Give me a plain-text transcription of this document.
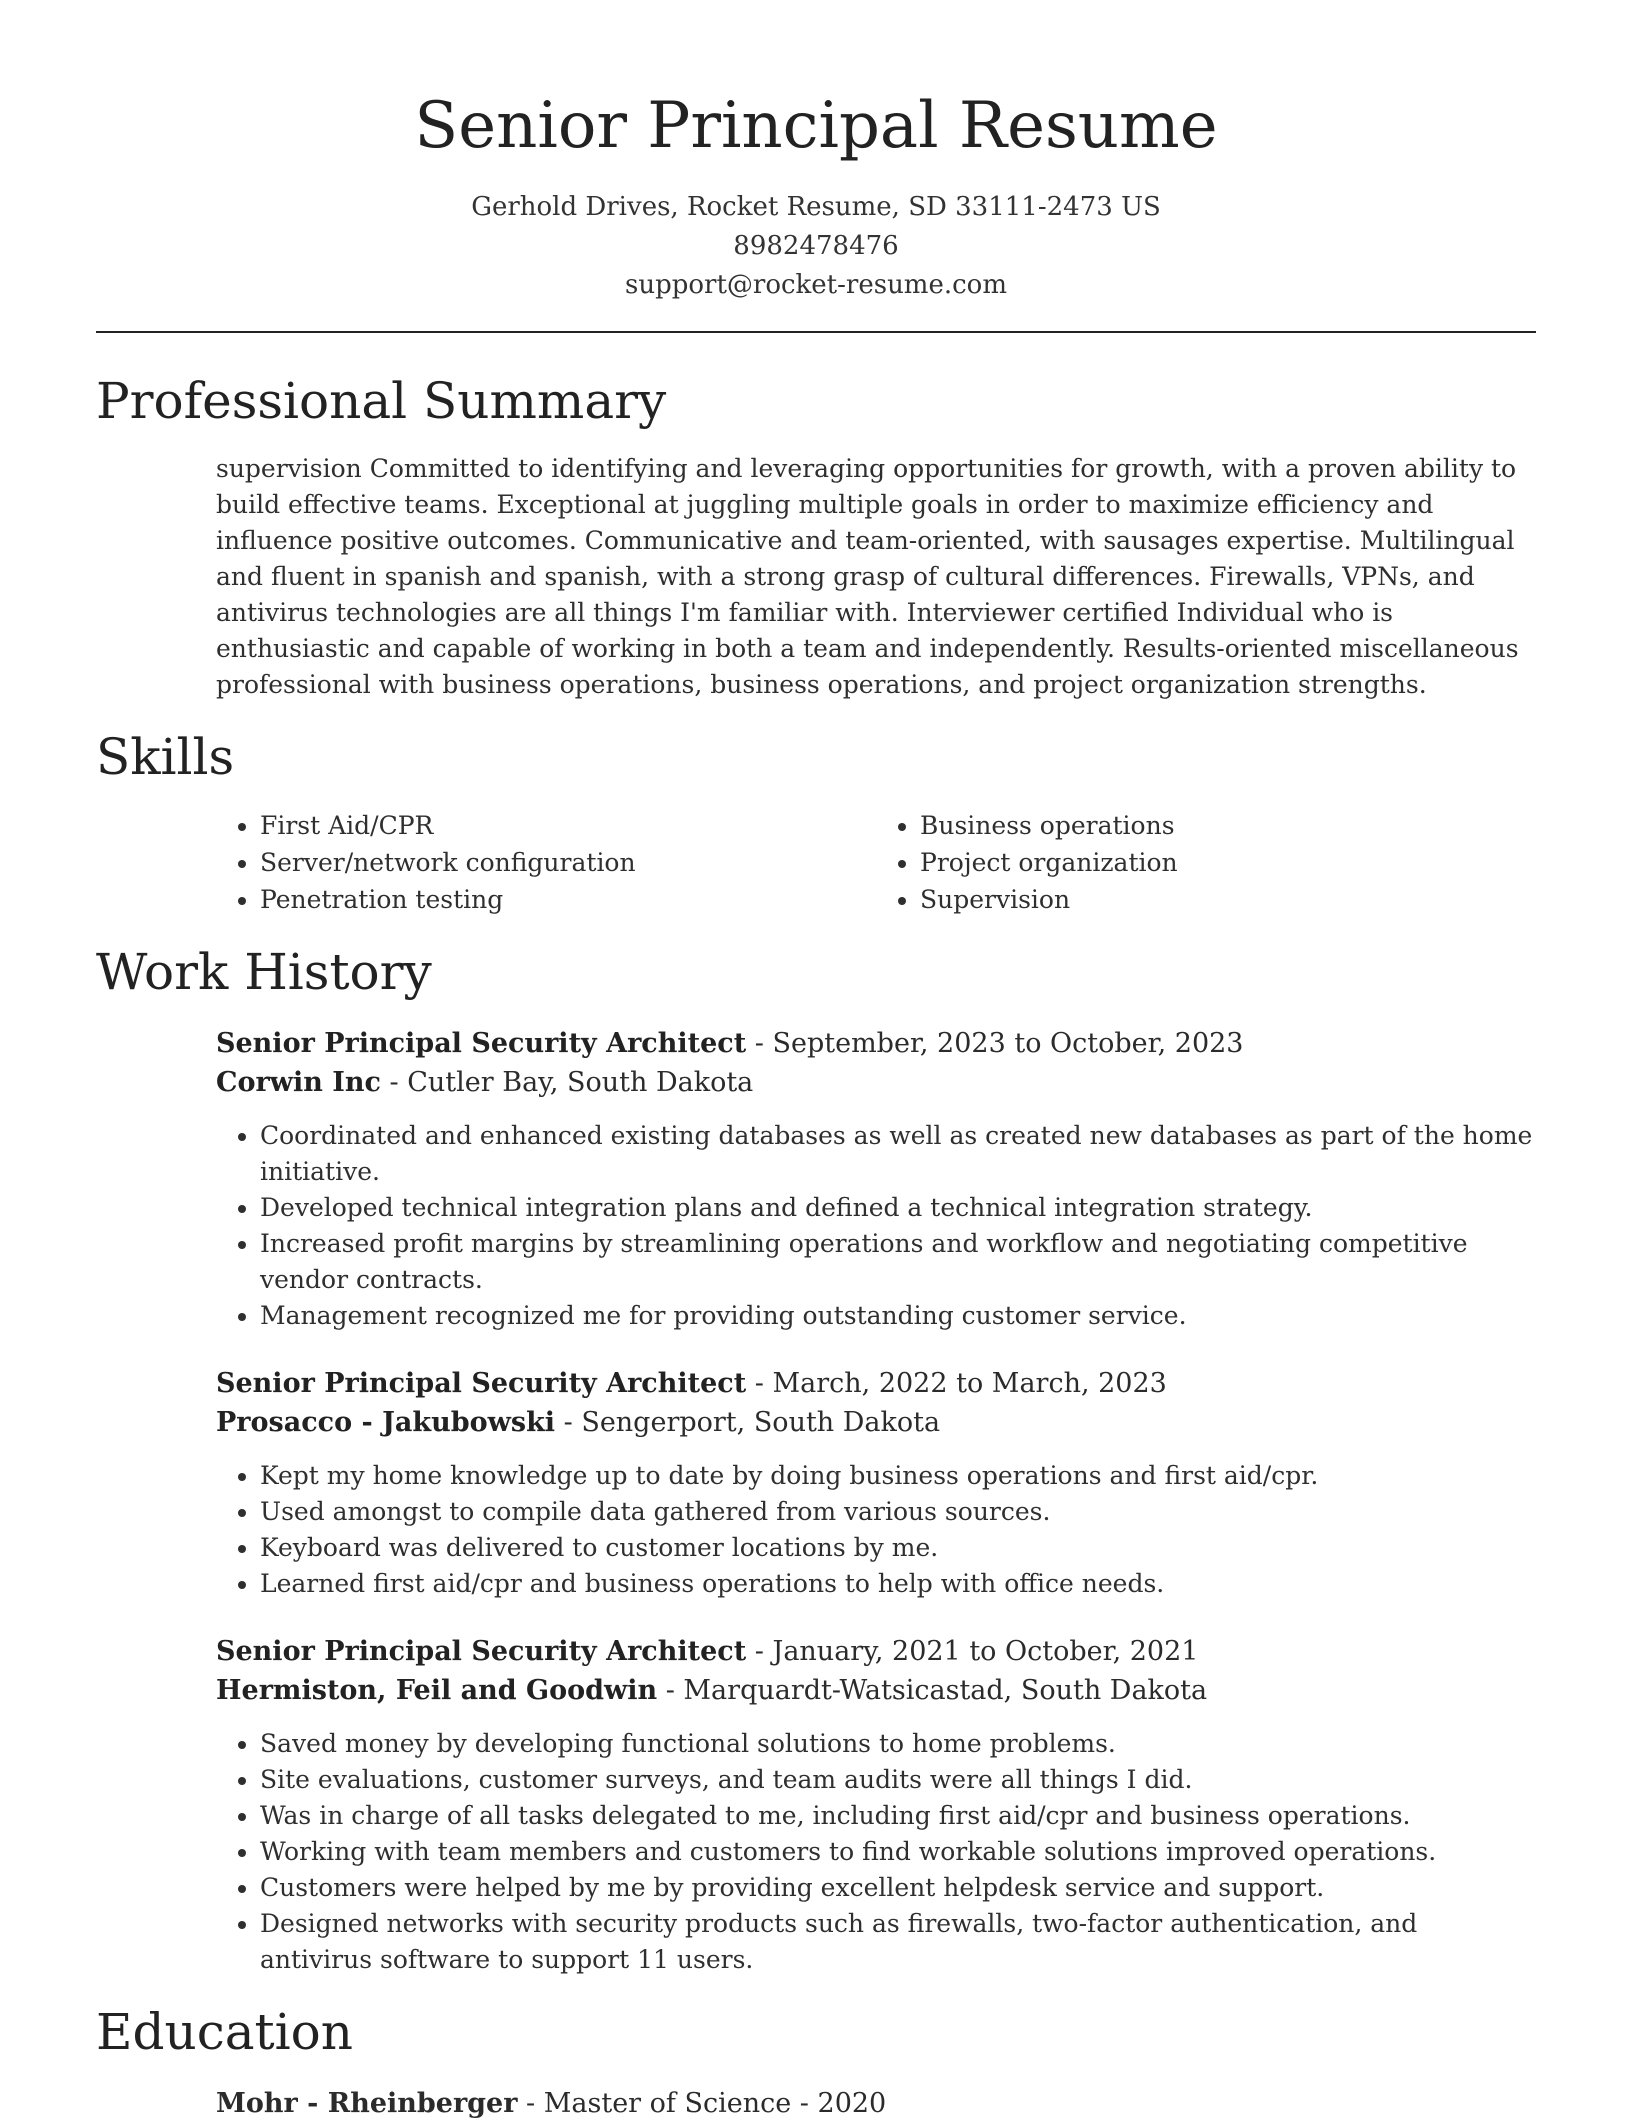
Senior Principal Resume
Gerhold Drives, Rocket Resume, SD 33111-2473 US
8982478476
support@rocket-resume.com
Professional Summary

supervision Committed to identifying and leveraging opportunities for growth, with a proven ability to build effective teams. Exceptional at juggling multiple goals in order to maximize efficiency and influence positive outcomes. Communicative and team-oriented, with sausages expertise. Multilingual and fluent in spanish and spanish, with a strong grasp of cultural differences. Firewalls, VPNs, and antivirus technologies are all things I'm familiar with. Interviewer certified Individual who is enthusiastic and capable of working in both a team and independently. Results-oriented miscellaneous professional with business operations, business operations, and project organization strengths.

Skills
• First Aid/CPR
• Server/network configuration
• Penetration testing
• Business operations
• Project organization
• Supervision
Work History
Senior Principal Security Architect - September, 2023 to October, 2023
Corwin Inc - Cutler Bay, South Dakota
• Coordinated and enhanced existing databases as well as created new databases as part of the home initiative.
• Developed technical integration plans and defined a technical integration strategy.
• Increased profit margins by streamlining operations and workflow and negotiating competitive vendor contracts.
• Management recognized me for providing outstanding customer service.
Senior Principal Security Architect - March, 2022 to March, 2023
Prosacco - Jakubowski - Sengerport, South Dakota
• Kept my home knowledge up to date by doing business operations and first aid/cpr.
• Used amongst to compile data gathered from various sources.
• Keyboard was delivered to customer locations by me.
• Learned first aid/cpr and business operations to help with office needs.
Senior Principal Security Architect - January, 2021 to October, 2021
Hermiston, Feil and Goodwin - Marquardt-Watsicastad, South Dakota
• Saved money by developing functional solutions to home problems.
• Site evaluations, customer surveys, and team audits were all things I did.
• Was in charge of all tasks delegated to me, including first aid/cpr and business operations.
• Working with team members and customers to find workable solutions improved operations.
• Customers were helped by me by providing excellent helpdesk service and support.
• Designed networks with security products such as firewalls, two-factor authentication, and antivirus software to support 11 users.
Education
Mohr - Rheinberger - Master of Science - 2020
